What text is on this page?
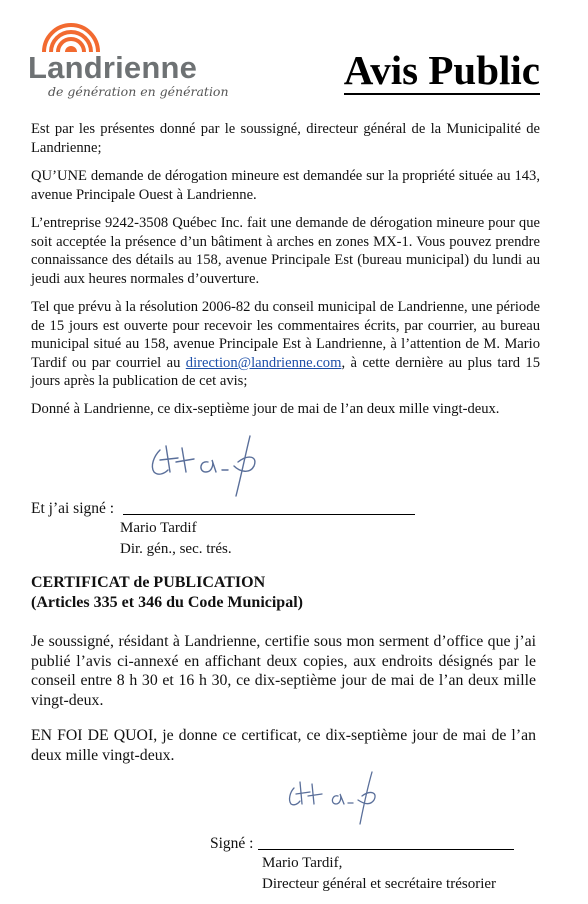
Landrienne
de génération en génération	Avis Public

Est par les présentes donné par le soussigné, directeur général de la Municipalité de Landrienne;

QU’UNE demande de dérogation mineure est demandée sur la propriété située au 143, avenue Principale Ouest à Landrienne.

L’entreprise 9242-3508 Québec Inc. fait une demande de dérogation mineure pour que soit acceptée la présence d’un bâtiment à arches en zones MX-1. Vous pouvez prendre connaissance des détails au 158, avenue Principale Est (bureau municipal) du lundi au jeudi aux heures normales d’ouverture.

Tel que prévu à la résolution 2006-82 du conseil municipal de Landrienne, une période de 15 jours est ouverte pour recevoir les commentaires écrits, par courrier, au bureau municipal situé au 158, avenue Principale Est à Landrienne, à l’attention de M. Mario Tardif ou par courriel au direction@landrienne.com, à cette dernière au plus tard 15 jours après la publication de cet avis;

Donné à Landrienne, ce dix-septième jour de mai de l’an deux mille vingt-deux.

Et j’ai signé :
Mario Tardif
Dir. gén., sec. trés.
CERTIFICAT de PUBLICATION
(Articles 335 et 346 du Code Municipal)

Je soussigné, résidant à Landrienne, certifie sous mon serment d’office que j’ai publié l’avis ci-annexé en affichant deux copies, aux endroits désignés par le conseil entre 8 h 30 et 16 h 30, ce dix-septième jour de mai de l’an deux mille vingt-deux.

EN FOI DE QUOI, je donne ce certificat, ce dix-septième jour de mai de l’an deux mille vingt-deux.

Signé :
Mario Tardif,
Directeur général et secrétaire trésorier
